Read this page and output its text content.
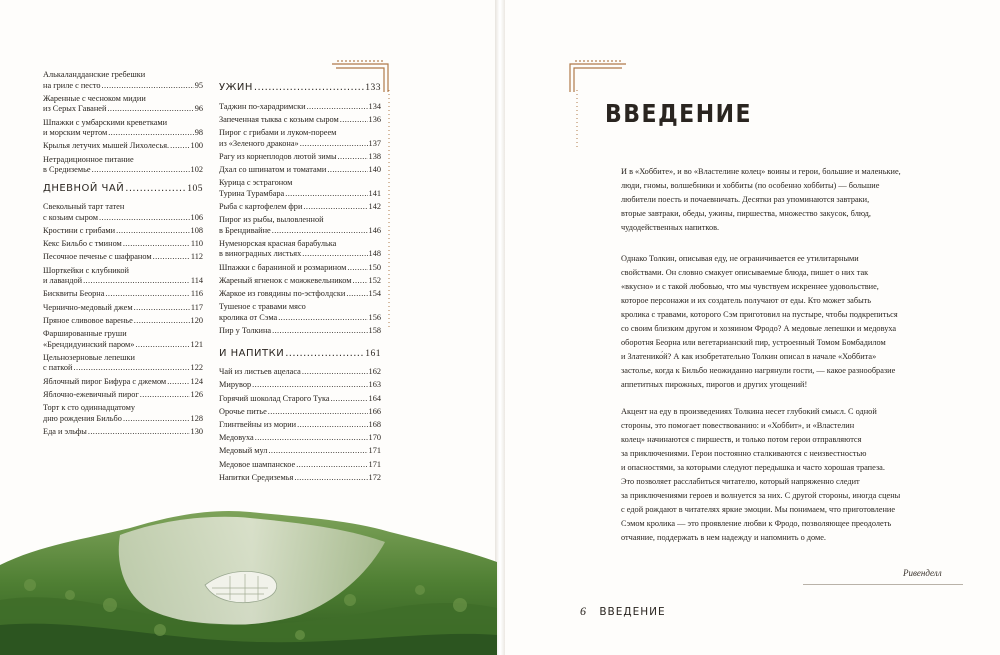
Алькаландданские гребешки
на гриле с песто .....	95
Жаренные с чесноком мидии
из Серых Гаваней .....	96
Шпажки с умбарскими креветками
и морским чертом .....	98
Крылья летучих мышей Лихолесья. .....	100
Нетрадиционное питание
в Средиземье .....	102
ДНЕВНОЙ ЧАЙ .....	105
Свекольный тарт татен
с козьим сыром .....	106
Кростини с грибами .....	108
Кекс Бильбо с тмином .....	110
Песочное печенье с шафраном .....	112
Шорткейки с клубникой
и лавандой .....	114
Бисквиты Беорна .....	116
Чернично-медовый джем .....	117
Пряное сливовое варенье .....	120
Фаршированные груши
«Брендидуинский паром» .....	121
Цельнозерновые лепешки
с паткой .....	122
Яблочный пирог Бифура с джемом .....	124
Яблочно-ежевичный пирог .....	126
Торт к сто одиннадцатому
дню рождения Бильбо .....	128
Еда и эльфы .....	130
УЖИН .....	133
Таджин по-харадримски .....	134
Запеченная тыква с козьим сыром .....	136
Пирог с грибами и луком-пореем
из «Зеленого дракона» .....	137
Рагу из корнеплодов лютой зимы .....	138
Дхал со шпинатом и томатами .....	140
Курица с эстрагоном
Турина Турамбара .....	141
Рыба с картофелем фри .....	142
Пирог из рыбы, выловленной
в Брендивайне .....	146
Нуменорская красная барабулька
в виноградных листьях .....	148
Шпажки с бараниной и розмарином .....	150
Жареный ягненок с можжевельником ..... 152
Жаркое из говядины по-эстфолдски .....	154
Тушеное с травами мясо
кролика от Сэма .....	156
Пир у Толкина .....	158
И НАПИТКИ .....	161
Чай из листьев ацеласа .....	162
Мирувор .....	163
Горячий шоколад Старого Тука .....	164
Орочье питье .....	166
Глинтвейны из мории .....	168
Медовуха .....	170
Медовый мул .....	171
Медовое шампанское .....	171
Напитки Средиземья .....	172
ВВЕДЕНИЕ

И в «Хоббите», и во «Властелине колец» воины и герои, большие и маленькие,

люди, гномы, волшебники и хоббиты (по особенно хоббиты) — большие

любители поесть и почаевничать. Десятки раз упоминаются завтраки,

вторые завтраки, обеды, ужины, пиршества, множество закусок, блюд,

чудодейственных напитков.

Однако Толкин, описывая еду, не ограничивается ее утилитарными

свойствами. Он словно смакует описываемые блюда, пишет о них так

«вкусно» и с такой любовью, что мы чувствуем искреннее удовольствие,

которое персонажи и их создатель получают от еды. Кто может забыть

кролика с травами, которого Сэм приготовил на пустыре, чтобы подкрепиться

со своим близким другом и хозяином Фродо? А медовые лепешки и медовуха

оборотня Беорна или вегетарианский пир, устроенный Томом Бомбадилом

и Златенико́й? А как изобретательно Толкин описал в начале «Хоббита»

застолье, когда к Бильбо неожиданно нагрянули гости, — какое разнообразие

аппетитных пирожных, пирогов и других угощений!

Акцент на еду в произведениях Толкина несет глубокий смысл. С одной

стороны, это помогает повествованию: и «Хоббит», и «Властелин

колец» начинаются с пиршеств, и только потом герои отправляются

за приключениями. Герои постоянно сталкиваются с неизвестностью

и опасностями, за которыми следуют передышка и часто хорошая трапеза.

Это позволяет расслабиться читателю, который напряженно следит

за приключениями героев и волнуется за них. С другой стороны, иногда сцены

с едой рождают в читателях яркие эмоции. Мы понимаем, что приготовление

Сэмом кролика — это проявление любви к Фродо, позволяющее преодолеть

отчаяние, поддержать в нем надежду и напомнить о доме.

Ривенделл
6 ВВЕДЕНИЕ
